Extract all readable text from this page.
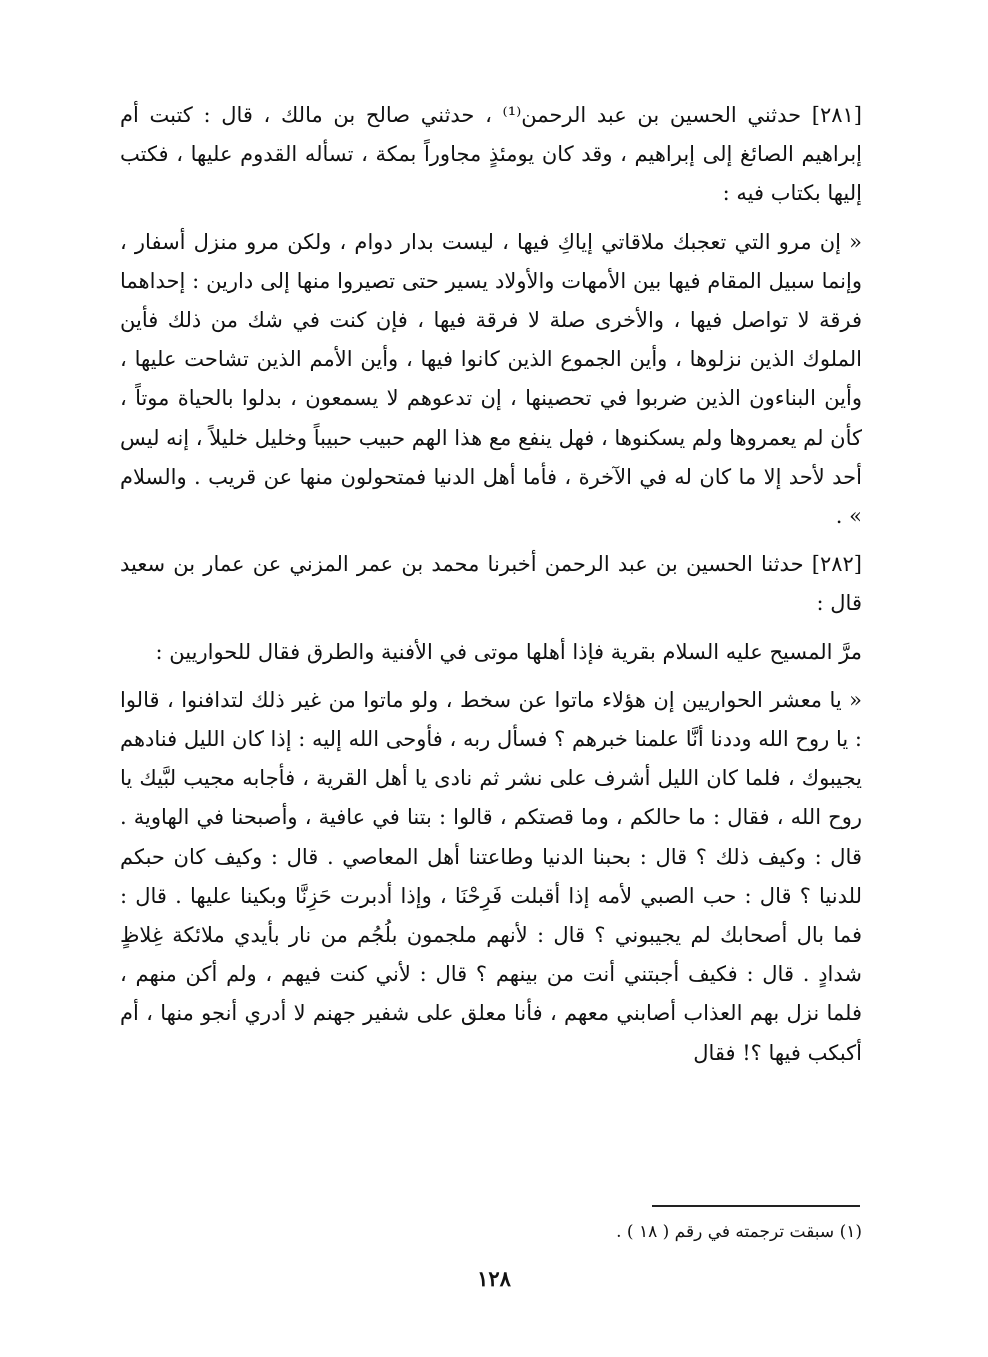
[٢٨١] حدثني الحسين بن عبد الرحمن⁽¹⁾ ، حدثني صالح بن مالك ، قال : كتبت أم إبراهيم الصائغ إلى إبراهيم ، وقد كان يومئذٍ مجاوراً بمكة ، تسأله القدوم عليها ، فكتب إليها بكتاب فيه :

« إن مرو التي تعجبك ملاقاتي إياكِ فيها ، ليست بدار دوام ، ولكن مرو منزل أسفار ، وإنما سبيل المقام فيها بين الأمهات والأولاد يسير حتى تصيروا منها إلى دارين : إحداهما فرقة لا تواصل فيها ، والأخرى صلة لا فرقة فيها ، فإن كنت في شك من ذلك فأين الملوك الذين نزلوها ، وأين الجموع الذين كانوا فيها ، وأين الأمم الذين تشاحت عليها ، وأين البناءون الذين ضربوا في تحصينها ، إن تدعوهم لا يسمعون ، بدلوا بالحياة موتاً ، كأن لم يعمروها ولم يسكنوها ، فهل ينفع مع هذا الهم حبيب حبيباً وخليل خليلاً ، إنه ليس أحد لأحد إلا ما كان له في الآخرة ، فأما أهل الدنيا فمتحولون منها عن قريب . والسلام » .

[٢٨٢] حدثنا الحسين بن عبد الرحمن أخبرنا محمد بن عمر المزني عن عمار بن سعيد قال :

مرَّ المسيح عليه السلام بقرية فإذا أهلها موتى في الأفنية والطرق فقال للحواريين :

« يا معشر الحواريين إن هؤلاء ماتوا عن سخط ، ولو ماتوا من غير ذلك لتدافنوا ، قالوا : يا روح الله وددنا أنَّا علمنا خبرهم ؟ فسأل ربه ، فأوحى الله إليه : إذا كان الليل فنادهم يجيبوك ، فلما كان الليل أشرف على نشر ثم نادى يا أهل القرية ، فأجابه مجيب لبَّيك يا روح الله ، فقال : ما حالكم ، وما قصتكم ، قالوا : بتنا في عافية ، وأصبحنا في الهاوية . قال : وكيف ذلك ؟ قال : بحبنا الدنيا وطاعتنا أهل المعاصي . قال : وكيف كان حبكم للدنيا ؟ قال : حب الصبي لأمه إذا أقبلت فَرِحْنَا ، وإذا أدبرت حَزِنَّا وبكينا عليها . قال : فما بال أصحابك لم يجيبوني ؟ قال : لأنهم ملجمون بلُجُم من نار بأيدي ملائكة غِلاظٍ شدادٍ . قال : فكيف أجبتني أنت من بينهم ؟ قال : لأني كنت فيهم ، ولم أكن منهم ، فلما نزل بهم العذاب أصابني معهم ، فأنا معلق على شفير جهنم لا أدري أنجو منها ، أم أكبكب فيها ؟! فقال

(١) سبقت ترجمته في رقم ( ١٨ ) .
١٢٨
